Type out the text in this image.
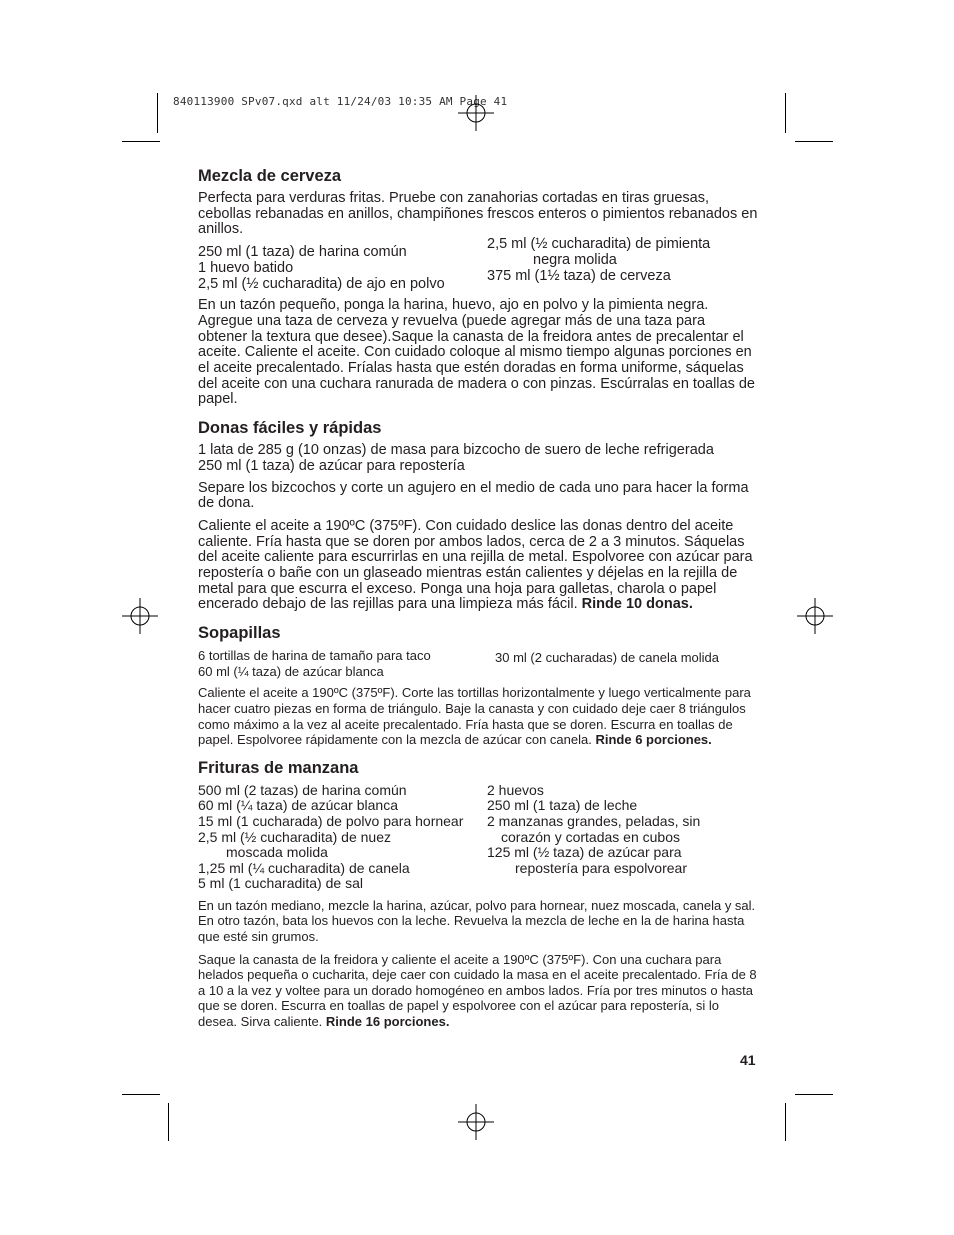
840113900 SPv07.qxd alt 11/24/03 10:35 AM Page 41
Mezcla de cerveza

Perfecta para verduras fritas. Pruebe con zanahorias cortadas en tiras gruesas, cebollas rebanadas en anillos, champiñones frescos enteros o pimientos rebanados en anillos.

250 ml (1 taza) de harina común
1 huevo batido
2,5 ml (½ cucharadita) de ajo en polvo
2,5 ml (½ cucharadita) de pimienta
negra molida
375 ml (1½ taza) de cerveza

En un tazón pequeño, ponga la harina, huevo, ajo en polvo y la pimienta negra. Agregue una taza de cerveza y revuelva (puede agregar más de una taza para obtener la textura que desee).Saque la canasta de la freidora antes de precalentar el aceite. Caliente el aceite. Con cuidado coloque al mismo tiempo algunas porciones en el aceite precalentado. Fríalas hasta que estén doradas en forma uniforme, sáquelas del aceite con una cuchara ranurada de madera o con pinzas. Escúrralas en toallas de papel.

Donas fáciles y rápidas

1 lata de 285 g (10 onzas) de masa para bizcocho de suero de leche refrigerada
250 ml (1 taza) de azúcar para repostería

Separe los bizcochos y corte un agujero en el medio de cada uno para hacer la forma de dona.

Caliente el aceite a 190ºC (375ºF). Con cuidado deslice las donas dentro del aceite caliente. Fría hasta que se doren por ambos lados, cerca de 2 a 3 minutos. Sáquelas del aceite caliente para escurrirlas en una rejilla de metal. Espolvoree con azúcar para repostería o bañe con un glaseado mientras están calientes y déjelas en la rejilla de metal para que escurra el exceso. Ponga una hoja para galletas, charola o papel encerado debajo de las rejillas para una limpieza más fácil. Rinde 10 donas.

Sopapillas
6 tortillas de harina de tamaño para taco
60 ml (¼ taza) de azúcar blanca
30 ml (2 cucharadas) de canela molida

Caliente el aceite a 190ºC (375ºF). Corte las tortillas horizontalmente y luego verticalmente para hacer cuatro piezas en forma de triángulo. Baje la canasta y con cuidado deje caer 8 triángulos como máximo a la vez al aceite precalentado. Fría hasta que se doren. Escurra en toallas de papel. Espolvoree rápidamente con la mezcla de azúcar con canela. Rinde 6 porciones.

Frituras de manzana
500 ml (2 tazas) de harina común
60 ml (¼ taza) de azúcar blanca
15 ml (1 cucharada) de polvo para hornear
2,5 ml (½ cucharadita) de nuez
moscada molida
1,25 ml (¼ cucharadita) de canela
5 ml (1 cucharadita) de sal
2 huevos
250 ml (1 taza) de leche
2 manzanas grandes, peladas, sin
corazón y cortadas en cubos
125 ml (½ taza) de azúcar para
repostería para espolvorear

En un tazón mediano, mezcle la harina, azúcar, polvo para hornear, nuez moscada, canela y sal. En otro tazón, bata los huevos con la leche. Revuelva la mezcla de leche en la de harina hasta que esté sin grumos.

Saque la canasta de la freidora y caliente el aceite a 190ºC (375ºF). Con una cuchara para helados pequeña o cucharita, deje caer con cuidado la masa en el aceite precalentado. Fría de 8 a 10 a la vez y voltee para un dorado homogéneo en ambos lados. Fría por tres minutos o hasta que se doren. Escurra en toallas de papel y espolvoree con el azúcar para repostería, si lo desea. Sirva caliente. Rinde 16 porciones.

41
